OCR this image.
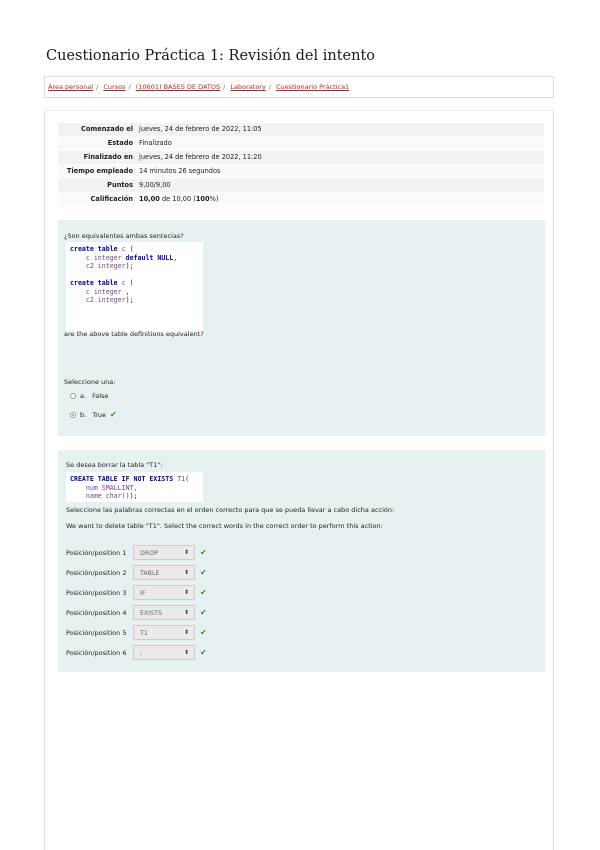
Cuestionario Práctica 1: Revisión del intento
Área personal / Cursos / (10601) BASES DE DATOS / Laboratory / Cuestionario Práctica1
Comenzado el	jueves, 24 de febrero de 2022, 11:05
Estado	Finalizado
Finalizado en	jueves, 24 de febrero de 2022, 11:20
Tiempo empleado	14 minutos 26 segundos
Puntos	9,00/9,00
Calificación	10,00 de 10,00 (100%)
¿Son equivalentes ambas sentecias?
create table c (
c integer default NULL,
c2 integer);

create table c (
c integer ,
c2 integer);
are the above table definitions equivalent?
Seleccione una:
a. False
b. True ✔
Se desea borrar la tabla "T1":
CREATE TABLE IF NOT EXISTS T1(
num SMALLINT,
name char());
Seleccione las palabras correctas en el orden correcto para que se pueda llevar a cabo dicha acción:
We want to delete table "T1". Select the correct words in the correct order to perform this action:
Posición/position 1	DROP	⬍ ✔
Posición/position 2	TABLE	⬍ ✔
Posición/position 3	IF	⬍ ✔
Posición/position 4	EXISTS	⬍ ✔
Posición/position 5	T1	⬍ ✔
Posición/position 6	;	⬍ ✔
